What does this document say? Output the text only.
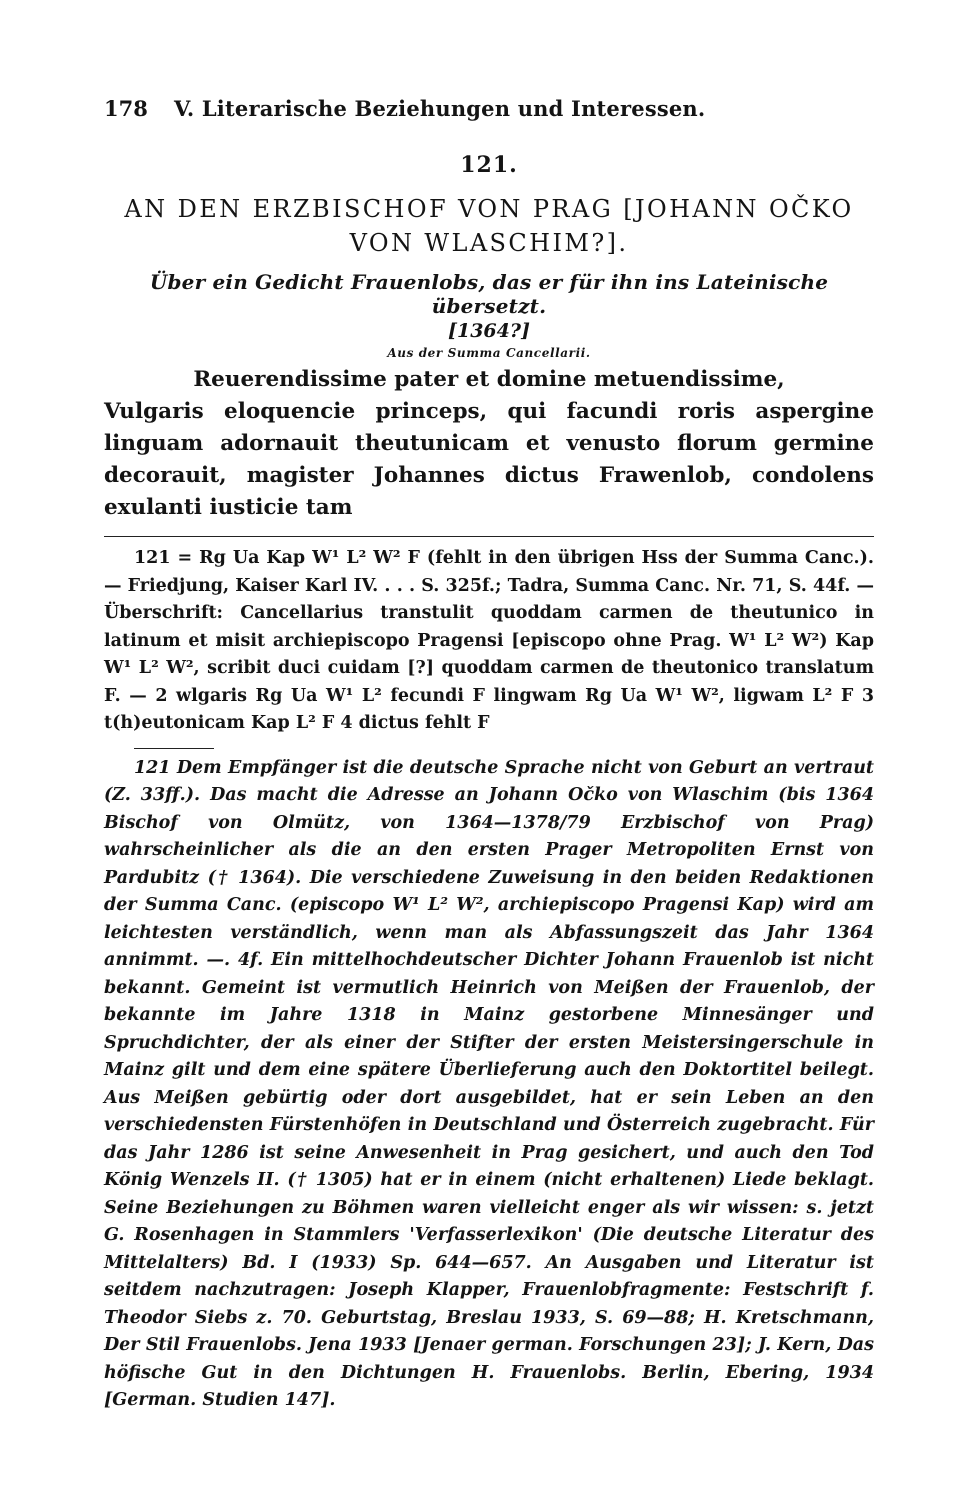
178 V. Literarische Beziehungen und Interessen.
121.
AN DEN ERZBISCHOF VON PRAG [JOHANN OČKO VON WLASCHIM?].
Über ein Gedicht Frauenlobs, das er für ihn ins Lateinische übersetzt.
[1364?]
Aus der Summa Cancellarii.
Reuerendissime pater et domine metuendissime,
Vulgaris eloquencie princeps, qui facundi roris aspergine linguam adornauit theutunicam et venusto florum germine decorauit, magister Johannes dictus Frawenlob, condolens exulanti iusticie tam
121 = Rg Ua Kap W¹ L² W² F (fehlt in den übrigen Hss der Summa Canc.). — Friedjung, Kaiser Karl IV. . . . S. 325f.; Tadra, Summa Canc. Nr. 71, S. 44f. — Überschrift: Cancellarius transtulit quoddam carmen de theutunico in latinum et misit archiepiscopo Pragensi [episcopo ohne Prag. W¹ L² W²) Kap W¹ L² W², scribit duci cuidam [?] quoddam carmen de theutonico translatum F. — 2 wlgaris Rg Ua W¹ L² fecundi F lingwam Rg Ua W¹ W², ligwam L² F 3 t(h)eutonicam Kap L² F 4 dictus fehlt F
121 Dem Empfänger ist die deutsche Sprache nicht von Geburt an vertraut (Z. 33ff.). Das macht die Adresse an Johann Očko von Wlaschim (bis 1364 Bischof von Olmütz, von 1364—1378/79 Erzbischof von Prag) wahrscheinlicher als die an den ersten Prager Metropoliten Ernst von Pardubitz († 1364). Die verschiedene Zuweisung in den beiden Redaktionen der Summa Canc. (episcopo W¹ L² W², archiepiscopo Pragensi Kap) wird am leichtesten verständlich, wenn man als Abfassungszeit das Jahr 1364 annimmt. —. 4f. Ein mittelhochdeutscher Dichter Johann Frauenlob ist nicht bekannt. Gemeint ist vermutlich Heinrich von Meißen der Frauenlob, der bekannte im Jahre 1318 in Mainz gestorbene Minnesänger und Spruchdichter, der als einer der Stifter der ersten Meistersingerschule in Mainz gilt und dem eine spätere Überlieferung auch den Doktortitel beilegt. Aus Meißen gebürtig oder dort ausgebildet, hat er sein Leben an den verschiedensten Fürstenhöfen in Deutschland und Österreich zugebracht. Für das Jahr 1286 ist seine Anwesenheit in Prag gesichert, und auch den Tod König Wenzels II. († 1305) hat er in einem (nicht erhaltenen) Liede beklagt. Seine Beziehungen zu Böhmen waren vielleicht enger als wir wissen: s. jetzt G. Rosenhagen in Stammlers 'Verfasserlexikon' (Die deutsche Literatur des Mittelalters) Bd. I (1933) Sp. 644—657. An Ausgaben und Literatur ist seitdem nachzutragen: Joseph Klapper, Frauenlobfragmente: Festschrift f. Theodor Siebs z. 70. Geburtstag, Breslau 1933, S. 69—88; H. Kretschmann, Der Stil Frauenlobs. Jena 1933 [Jenaer german. Forschungen 23]; J. Kern, Das höfische Gut in den Dichtungen H. Frauenlobs. Berlin, Ebering, 1934 [German. Studien 147].
